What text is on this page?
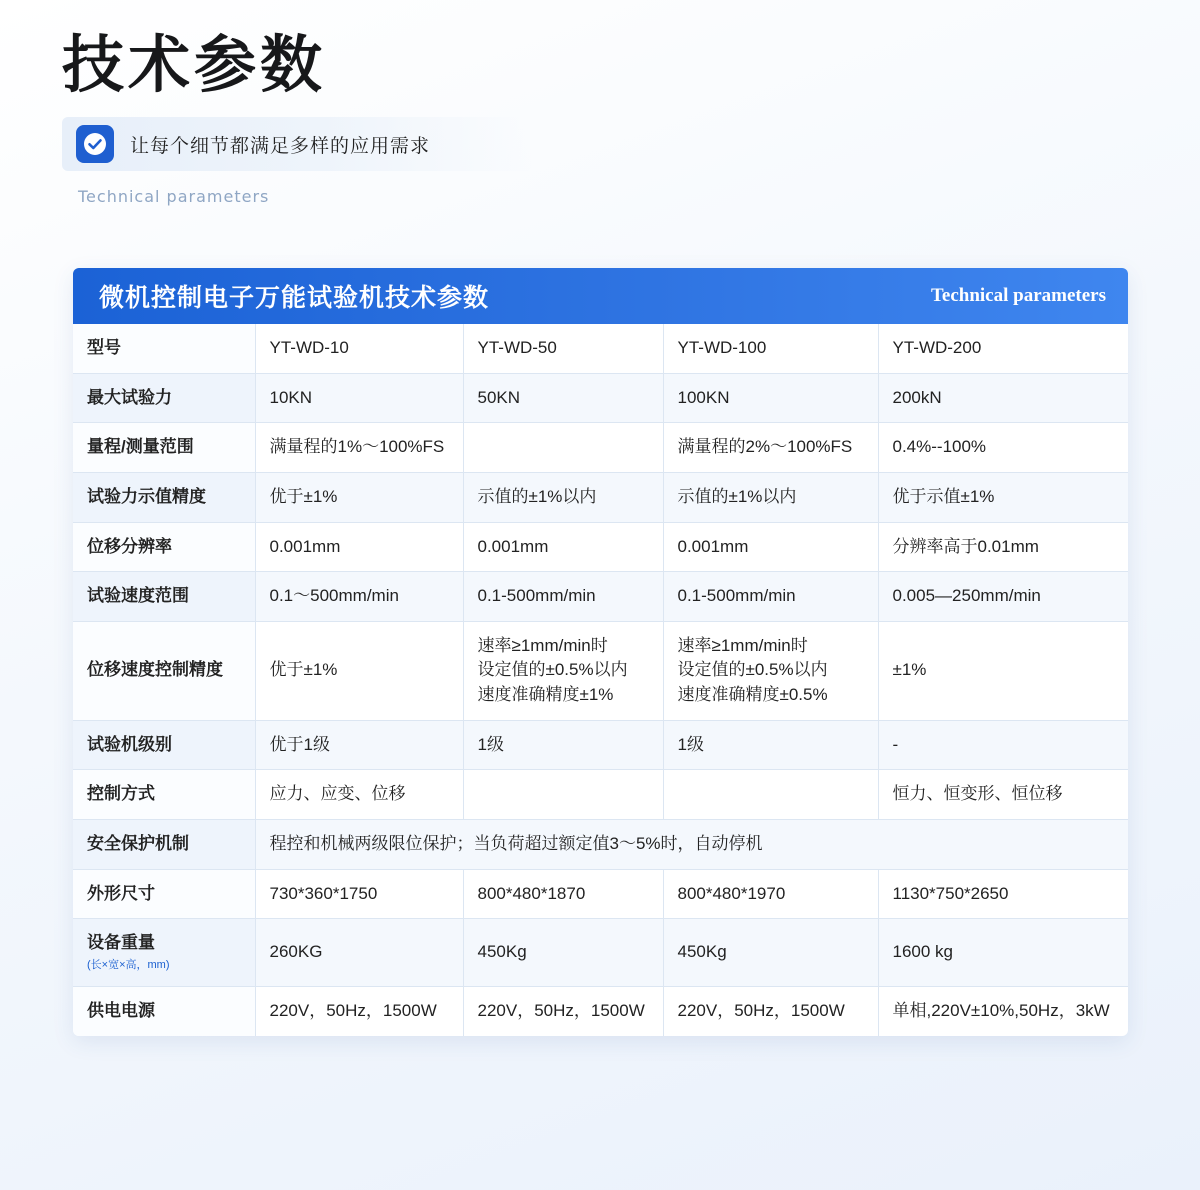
技术参数
让每个细节都满足多样的应用需求
Technical parameters
微机控制电子万能试验机技术参数	Technical parameters
型号	YT-WD-10	YT-WD-50	YT-WD-100	YT-WD-200
最大试验力	10KN	50KN	100KN	200kN
量程/测量范围	满量程的1%～100%FS		满量程的2%～100%FS	0.4%--100%
试验力示值精度	优于±1%	示值的±1%以内	示值的±1%以内	优于示值±1%
位移分辨率	0.001mm	0.001mm	0.001mm	分辨率高于0.01mm
试验速度范围	0.1～500mm/min	0.1-500mm/min	0.1-500mm/min	0.005—250mm/min
位移速度控制精度	优于±1%	速率≥1mm/min时
设定值的±0.5%以内
速度准确精度±1%	速率≥1mm/min时
设定值的±0.5%以内
速度准确精度±0.5%	±1%
试验机级别	优于1级	1级	1级	-
控制方式	应力、应变、位移			恒力、恒变形、恒位移
安全保护机制	程控和机械两级限位保护；当负荷超过额定值3～5%时，自动停机			
外形尺寸	730*360*1750	800*480*1870	800*480*1970	1130*750*2650
设备重量
(长×宽×高，mm)	260KG	450Kg	450Kg	1600 kg
供电电源	220V，50Hz，1500W	220V，50Hz，1500W	220V，50Hz，1500W	单相,220V±10%,50Hz，3kW
